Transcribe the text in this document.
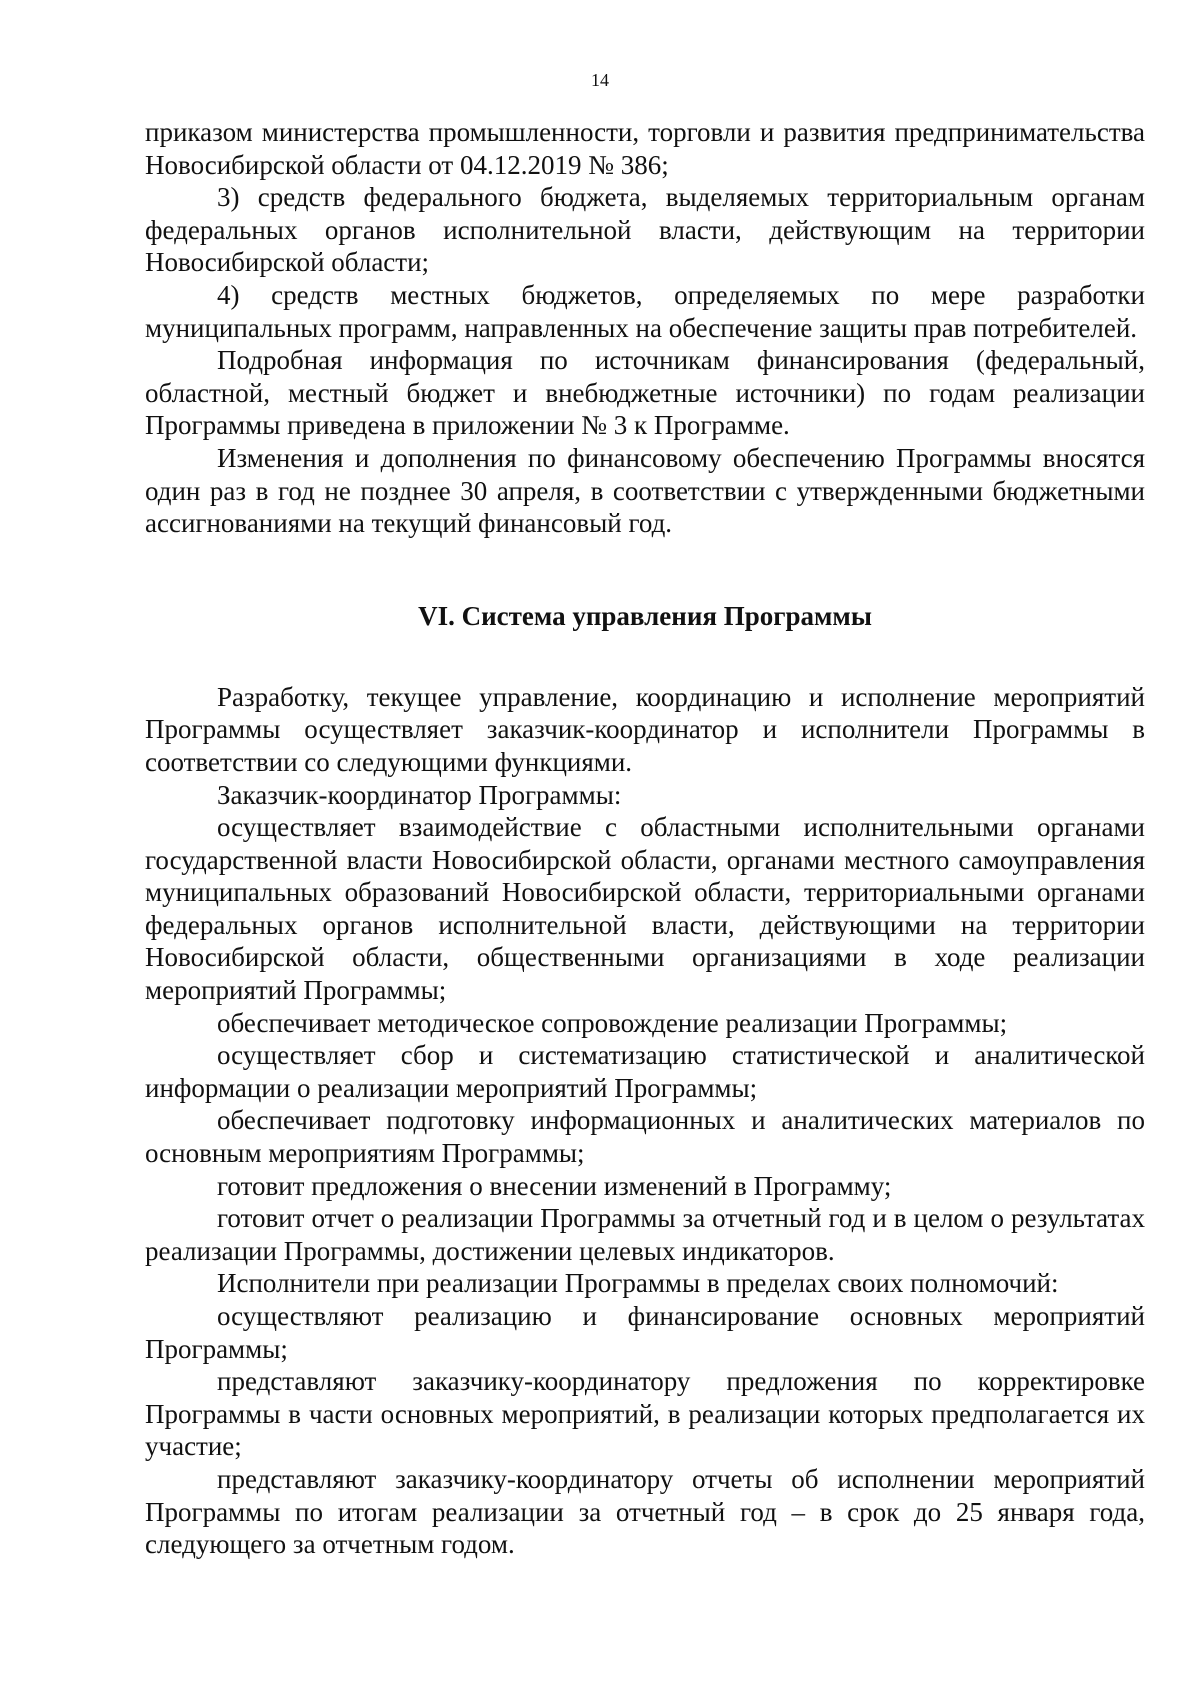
14

приказом министерства промышленности, торговли и развития предпринимательства Новосибирской области от 04.12.2019 № 386;

3) средств федерального бюджета, выделяемых территориальным органам федеральных органов исполнительной власти, действующим на территории Новосибирской области;

4) средств местных бюджетов, определяемых по мере разработки муниципальных программ, направленных на обеспечение защиты прав потребителей.

Подробная информация по источникам финансирования (федеральный, областной, местный бюджет и внебюджетные источники) по годам реализации Программы приведена в приложении № 3 к Программе.

Изменения и дополнения по финансовому обеспечению Программы вносятся один раз в год не позднее 30 апреля, в соответствии с утвержденными бюджетными ассигнованиями на текущий финансовый год.

VI. Система управления Программы

Разработку, текущее управление, координацию и исполнение мероприятий Программы осуществляет заказчик-координатор и исполнители Программы в соответствии со следующими функциями.

Заказчик-координатор Программы:

осуществляет взаимодействие с областными исполнительными органами государственной власти Новосибирской области, органами местного самоуправления муниципальных образований Новосибирской области, территориальными органами федеральных органов исполнительной власти, действующими на территории Новосибирской области, общественными организациями в ходе реализации мероприятий Программы;

обеспечивает методическое сопровождение реализации Программы;

осуществляет сбор и систематизацию статистической и аналитической информации о реализации мероприятий Программы;

обеспечивает подготовку информационных и аналитических материалов по основным мероприятиям Программы;

готовит предложения о внесении изменений в Программу;

готовит отчет о реализации Программы за отчетный год и в целом о результатах реализации Программы, достижении целевых индикаторов.

Исполнители при реализации Программы в пределах своих полномочий:

осуществляют реализацию и финансирование основных мероприятий Программы;

представляют заказчику-координатору предложения по корректировке Программы в части основных мероприятий, в реализации которых предполагается их участие;

представляют заказчику-координатору отчеты об исполнении мероприятий Программы по итогам реализации за отчетный год – в срок до 25 января года, следующего за отчетным годом.
